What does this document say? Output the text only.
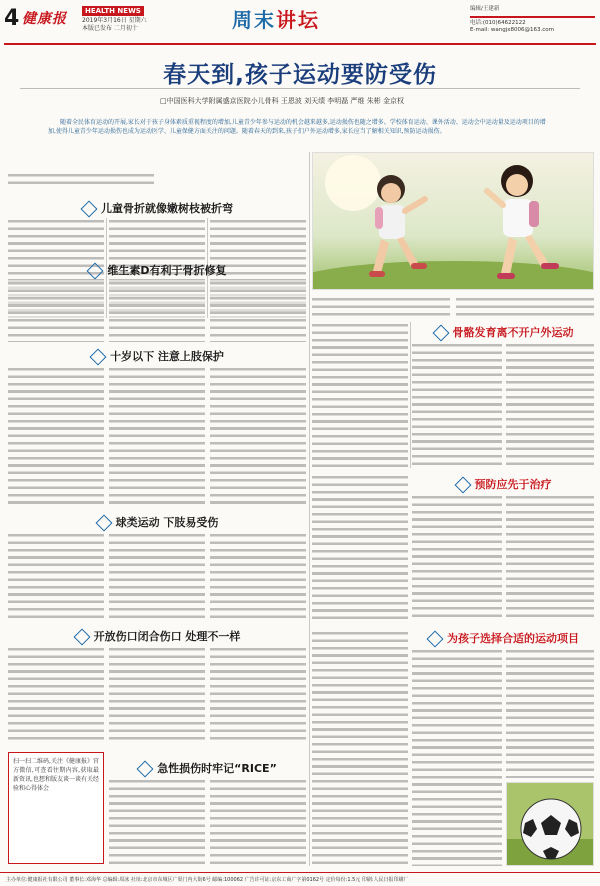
4 健康报	HEALTH NEWS
2019年3月16日 星期六
本版已发布 二月初十	周末讲坛	编辑/王建新
电话:(010)64622122
E-mail: wangjx8006@163.com
春天到,孩子运动要防受伤
□中国医科大学附属盛京医院小儿骨科 王恩波 刘天绩 李明磊 严维 朱彬 金京权
随着全民体育运动的开展,家长对于孩子身体素质重视程度的增加,儿童青少年参与运动的机会越来越多,运动损伤也随之增多。学校体育运动、课外活动、运动会中运动量及运动项目的增加,使得儿童青少年运动损伤也成为运动医学、儿童保健方面关注的问题。随着春天的到来,孩子们户外运动增多,家长应当了解相关知识,预防运动损伤。
儿童骨折就像嫩树枝被折弯
维生素D有利于骨折修复
十岁以下 注意上肢保护
球类运动 下肢易受伤
开放伤口闭合伤口 处理不一样
扫一扫二维码,关注《健康报》官方微信,可查看往期内容,获取最新资讯,也想和版友谈一谈有关经验和心得体会
急性损伤时牢记“RICE”
骨骼发育离不开户外运动
预防应先于治疗
为孩子选择合适的运动项目
主办单位:健康报社有限公司 董事长:邓海华 总编辑:周冰 社址:北京市东城区广渠门内大街6号 邮编:100062 广告许可证:京东工商广字第0162号 定价每份:1.5元 印刷:人民日报印刷厂
